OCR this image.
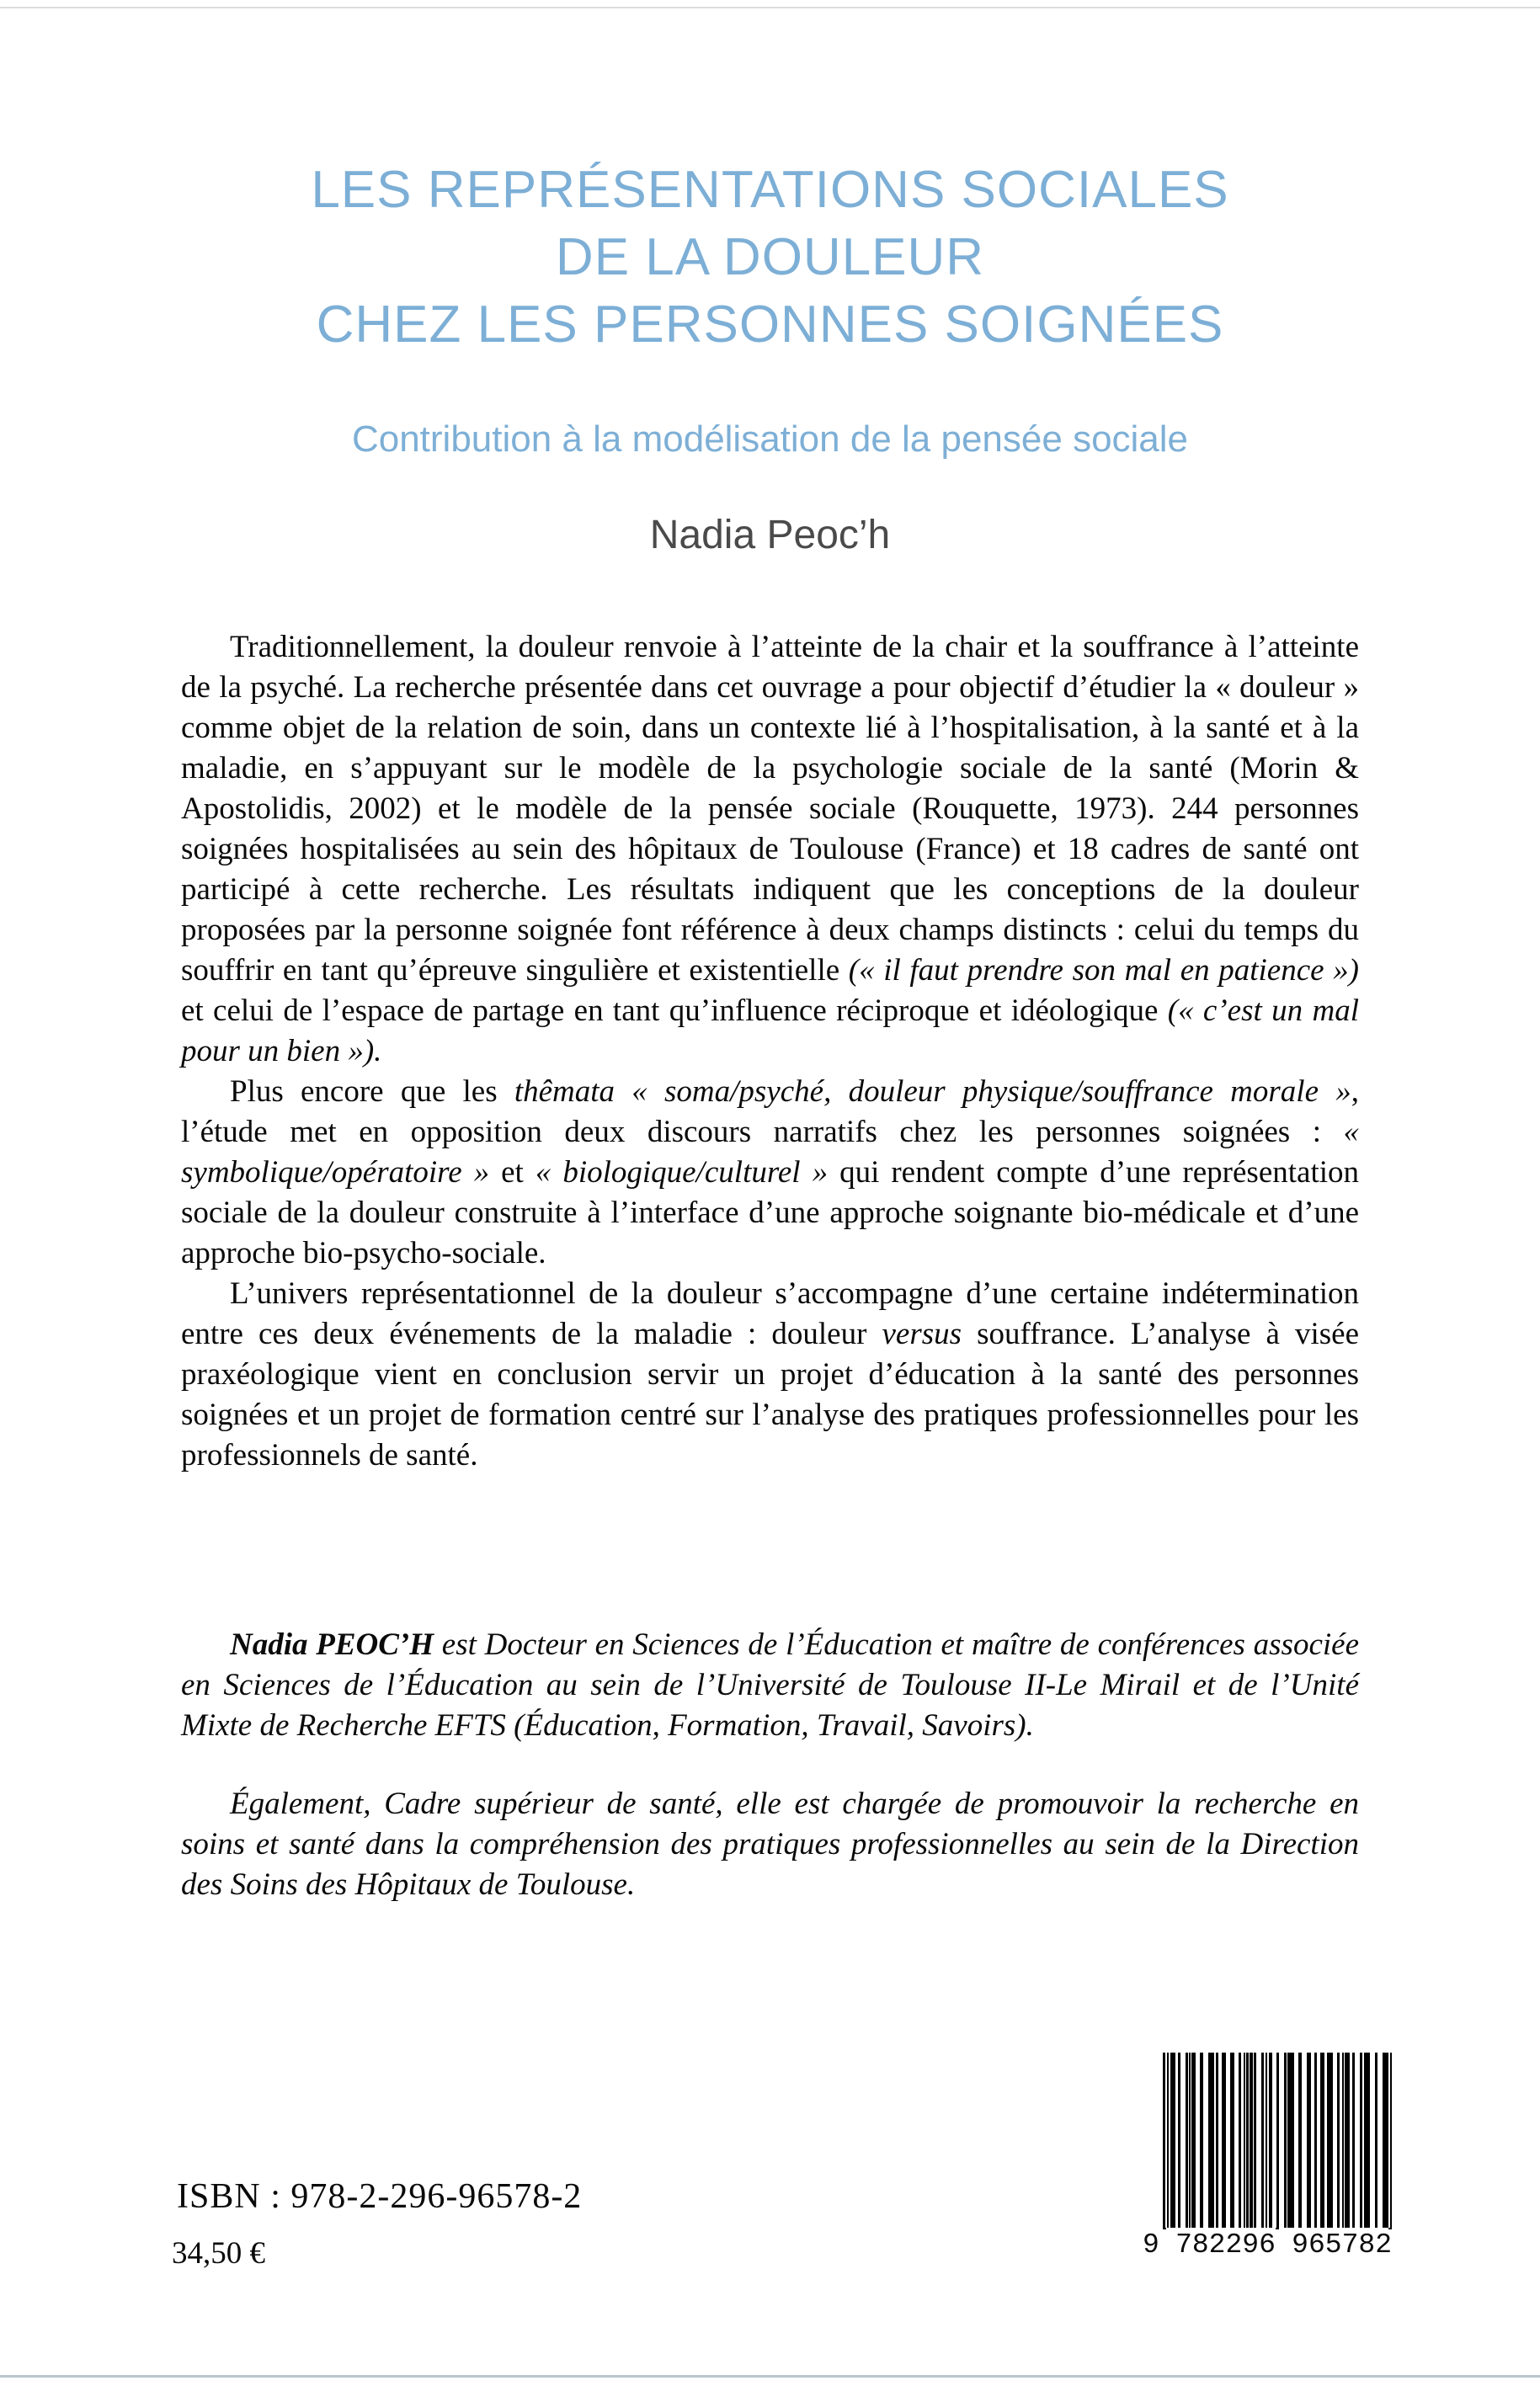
LES REPRÉSENTATIONS SOCIALES
DE LA DOULEUR
CHEZ LES PERSONNES SOIGNÉES
Contribution à la modélisation de la pensée sociale
Nadia Peoc’h

Traditionnellement, la douleur renvoie à l’atteinte de la chair et la souffrance à l’atteinte de la psyché. La recherche présentée dans cet ouvrage a pour objectif d’étudier la « douleur » comme objet de la relation de soin, dans un contexte lié à l’hospitalisation, à la santé et à la maladie, en s’appuyant sur le modèle de la psychologie sociale de la santé (Morin & Apostolidis, 2002) et le modèle de la pensée sociale (Rouquette, 1973). 244 personnes soignées hospitalisées au sein des hôpitaux de Toulouse (France) et 18 cadres de santé ont participé à cette recherche. Les résultats indiquent que les conceptions de la douleur proposées par la personne soignée font référence à deux champs distincts : celui du temps du souffrir en tant qu’épreuve singulière et existentielle (« il faut prendre son mal en patience ») et celui de l’espace de partage en tant qu’influence réciproque et idéologique (« c’est un mal pour un bien »).

Plus encore que les thêmata « soma/psyché, douleur physique/souffrance morale », l’étude met en opposition deux discours narratifs chez les personnes soignées : « symbolique/opératoire » et « biologique/culturel » qui rendent compte d’une représentation sociale de la douleur construite à l’interface d’une approche soignante bio-médicale et d’une approche bio-psycho-sociale.

L’univers représentationnel de la douleur s’accompagne d’une certaine indétermination entre ces deux événements de la maladie : douleur versus souffrance. L’analyse à visée praxéologique vient en conclusion servir un projet d’éducation à la santé des personnes soignées et un projet de formation centré sur l’analyse des pratiques professionnelles pour les professionnels de santé.

Nadia PEOC’H est Docteur en Sciences de l’Éducation et maître de conférences associée en Sciences de l’Éducation au sein de l’Université de Toulouse II-Le Mirail et de l’Unité Mixte de Recherche EFTS (Éducation, Formation, Travail, Savoirs).

Également, Cadre supérieur de santé, elle est chargée de promouvoir la recherche en soins et santé dans la compréhension des pratiques professionnelles au sein de la Direction des Soins des Hôpitaux de Toulouse.

ISBN : 978-2-296-96578-2
34,50 €	9 782296 965782
